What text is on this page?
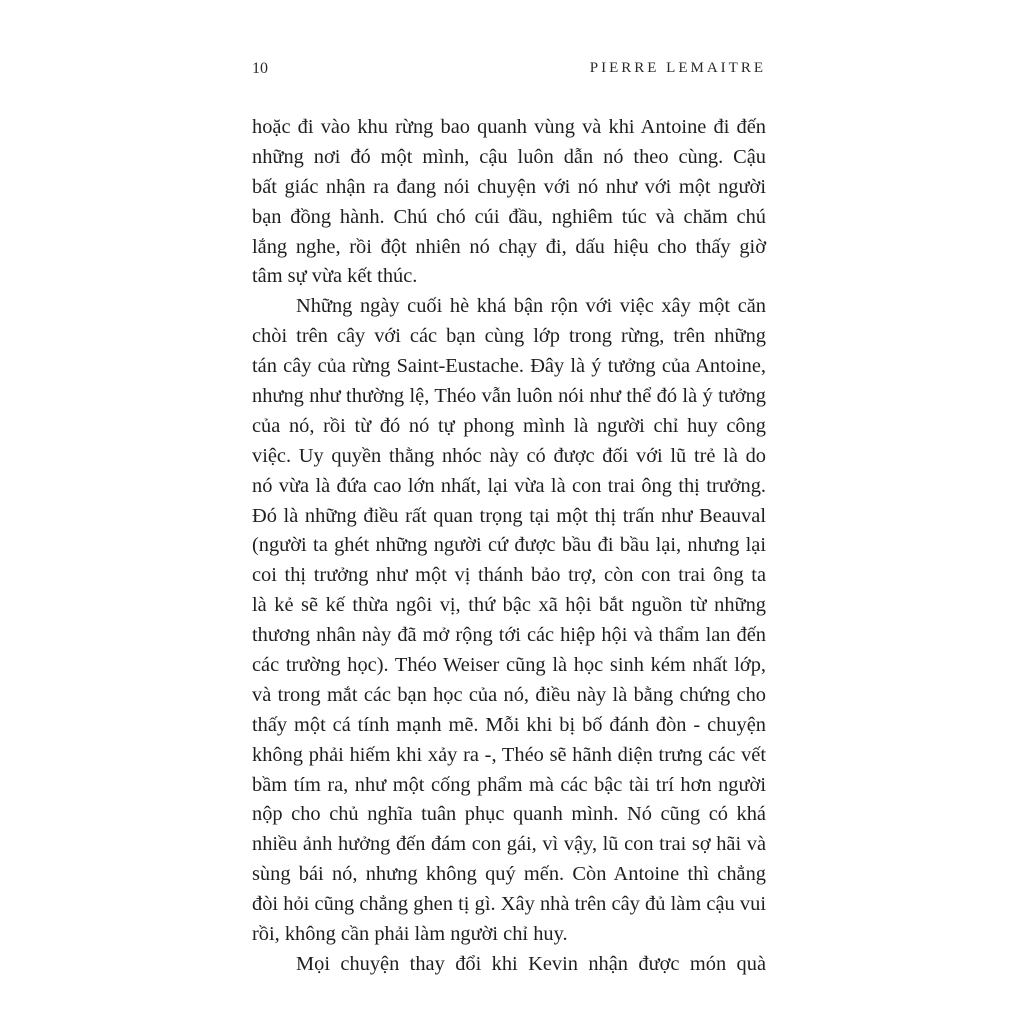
10	PIERRE LEMAITRE
hoặc đi vào khu rừng bao quanh vùng và khi Antoine đi đến
những nơi đó một mình, cậu luôn dẫn nó theo cùng. Cậu
bất giác nhận ra đang nói chuyện với nó như với một người
bạn đồng hành. Chú chó cúi đầu, nghiêm túc và chăm chú
lắng nghe, rồi đột nhiên nó chạy đi, dấu hiệu cho thấy giờ
tâm sự vừa kết thúc.
Những ngày cuối hè khá bận rộn với việc xây một căn
chòi trên cây với các bạn cùng lớp trong rừng, trên những
tán cây của rừng Saint-Eustache. Đây là ý tưởng của Antoine,
nhưng như thường lệ, Théo vẫn luôn nói như thể đó là ý tưởng
của nó, rồi từ đó nó tự phong mình là người chỉ huy công
việc. Uy quyền thằng nhóc này có được đối với lũ trẻ là do
nó vừa là đứa cao lớn nhất, lại vừa là con trai ông thị trưởng.
Đó là những điều rất quan trọng tại một thị trấn như Beauval
(người ta ghét những người cứ được bầu đi bầu lại, nhưng lại
coi thị trưởng như một vị thánh bảo trợ, còn con trai ông ta
là kẻ sẽ kế thừa ngôi vị, thứ bậc xã hội bắt nguồn từ những
thương nhân này đã mở rộng tới các hiệp hội và thẩm lan đến
các trường học). Théo Weiser cũng là học sinh kém nhất lớp,
và trong mắt các bạn học của nó, điều này là bằng chứng cho
thấy một cá tính mạnh mẽ. Mỗi khi bị bố đánh đòn - chuyện
không phải hiếm khi xảy ra -, Théo sẽ hãnh diện trưng các vết
bầm tím ra, như một cống phẩm mà các bậc tài trí hơn người
nộp cho chủ nghĩa tuân phục quanh mình. Nó cũng có khá
nhiều ảnh hưởng đến đám con gái, vì vậy, lũ con trai sợ hãi và
sùng bái nó, nhưng không quý mến. Còn Antoine thì chẳng
đòi hỏi cũng chẳng ghen tị gì. Xây nhà trên cây đủ làm cậu vui
rồi, không cần phải làm người chỉ huy.
Mọi chuyện thay đổi khi Kevin nhận được món quà
